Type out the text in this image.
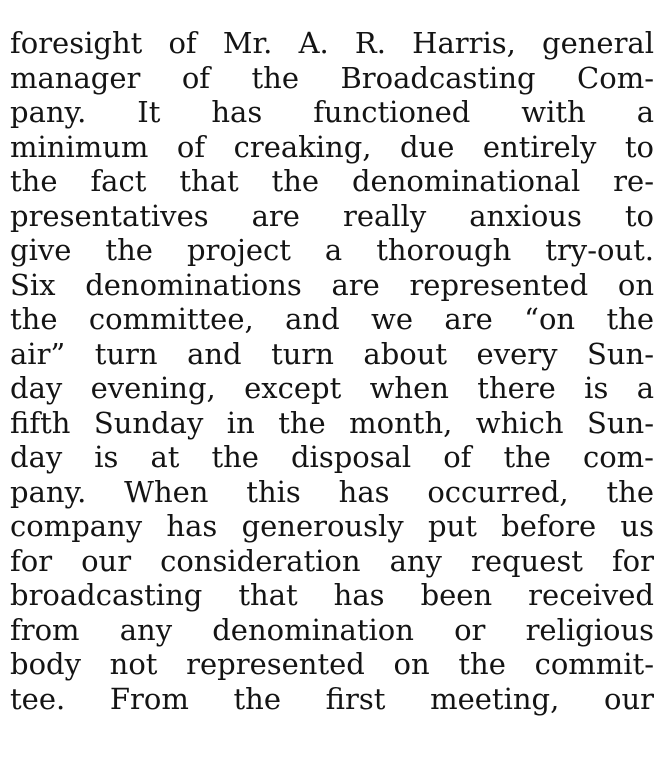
foresight of Mr. A. R. Harris, general
manager of the Broadcasting Com-
pany. It has functioned with a
minimum of creaking, due entirely to
the fact that the denominational re-
presentatives are really anxious to
give the project a thorough try-out.
Six denominations are represented on
the committee, and we are “on the
air” turn and turn about every Sun-
day evening, except when there is a
fifth Sunday in the month, which Sun-
day is at the disposal of the com-
pany. When this has occurred, the
company has generously put before us
for our consideration any request for
broadcasting that has been received
from any denomination or religious
body not represented on the commit-
tee. From the first meeting, our
